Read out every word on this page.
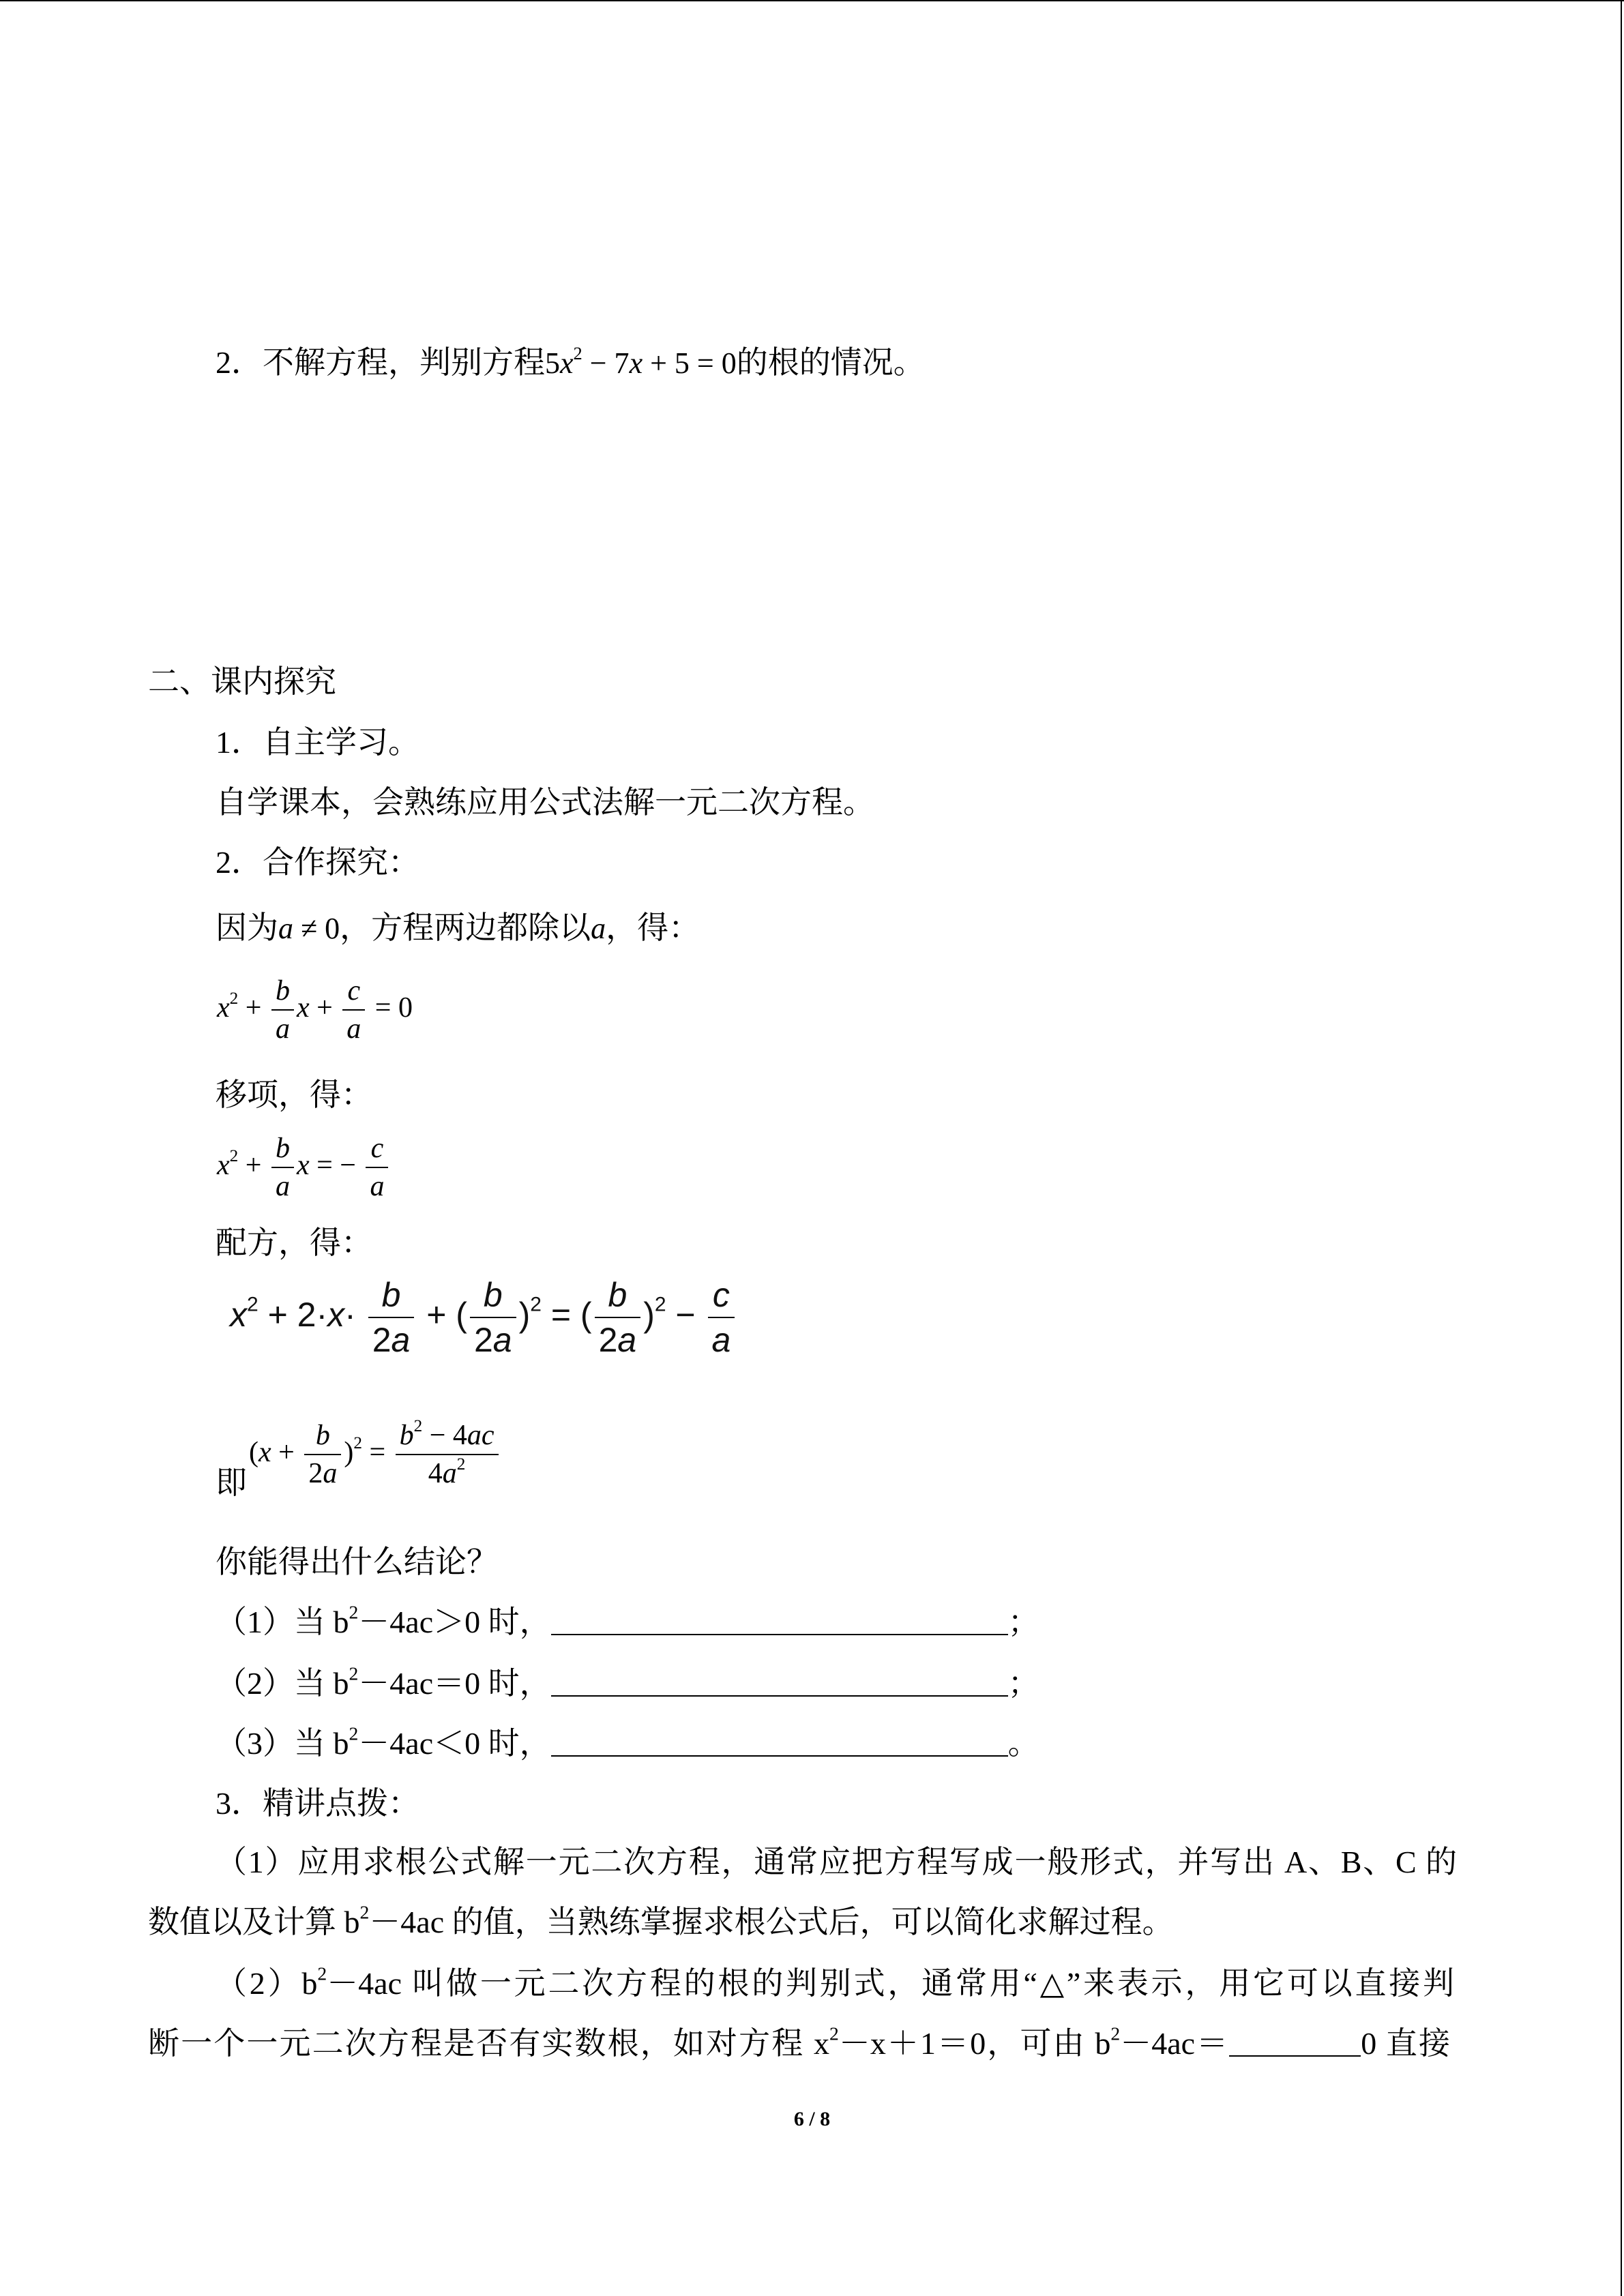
2．不解方程，判别方程$5x^2 - 7x + 5 = 0$的根的情况。
二、课内探究
1．自主学习。
自学课本，会熟练应用公式法解一元二次方程。
2．合作探究：
因为a ≠ 0，方程两边都除以a，得：
$x^2 + \frac{b}{a}$ $x + \frac{c}{a} = 0$
移项，得：
$x^2 + \frac{b}{a}$ x = − $\frac{c}{a}$
配方，得：
$x^2 + 2\cdot x\cdot \frac{b}{2a}$ + ( $\frac{b}{2a} )^2$ = ( $\frac{b}{2a} )^2 - \frac{c}{a}$
即
$(x + \frac{b}{2a} )^2 = \frac{b^2 - 4ac}{4a^2}$
你能得出什么结论？
（1）当 $b^2-4ac>0$ 时，	；
（2）当 $b^2-4ac=0$ 时，	；
（3）当 $b^2-4ac<0$ 时，	。
3．精讲点拨：
（1）应用求根公式解一元二次方程，通常应把方程写成一般形式，并写出 A、B、C 的
数值以及计算 $b^2-4ac$ 的值，当熟练掌握求根公式后，可以简化求解过程。
$(2)b^2-4ac$ 叫做一元二次方程的根的判别式，通常用“△”来表示，用它可以直接判
断一个一元二次方程是否有实数根，如对方程 $x^2-x+1=0$，可由 $b^2-4ac=$	0 直接
6 / 8
